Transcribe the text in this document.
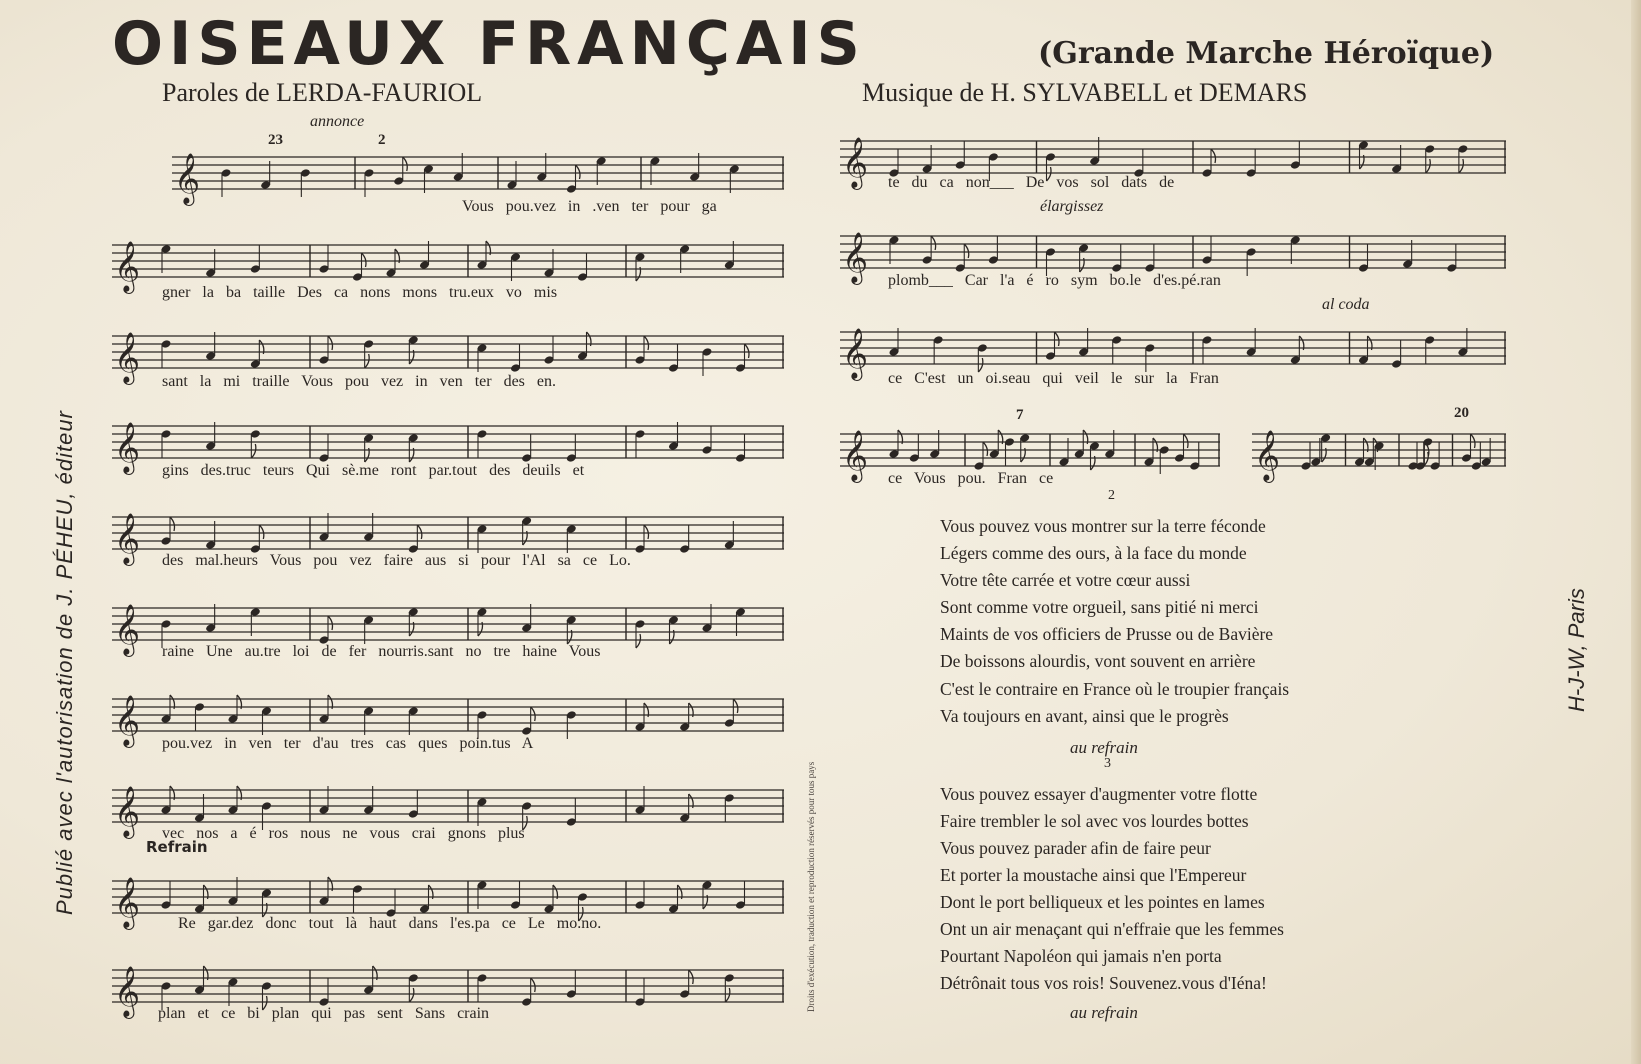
OISEAUX FRANÇAIS	(Grande Marche Héroïque)
Paroles de LERDA-FAURIOL	Musique de H. SYLVABELL et DEMARS
Publié avec l'autorisation de J. PÉHEU, éditeur	H-J-W, Paris
Droits d'exécution, traduction et reproduction réservés pour tous pays
𝄞
𝄞
𝄞
𝄞
𝄞
𝄞
𝄞
𝄞
𝄞
𝄞
𝄞
𝄞
𝄞
𝄞	𝄞
Vous pou.vez in .ven ter pour ga
gner la ba taille Des ca nons mons tru.eux vo mis
sant la mi traille Vous pou vez in ven ter des en.
gins des.truc teurs Qui sè.me ront par.tout des deuils et
des mal.heurs Vous pou vez faire aus si pour l'Al sa ce Lo.
raine Une au.tre loi de fer nourris.sant no tre haine Vous
pou.vez in ven ter d'au tres cas ques poin.tus A
vec nos a é ros nous ne vous crai gnons plus
Re gar.dez donc tout là haut dans l'es.pa ce Le mo.no.
plan et ce bi plan qui pas sent Sans crain
te du ca non___ De vos sol dats de
plomb___ Car l'a é ro sym bo.le d'es.pé.ran
ce C'est un oi.seau qui veil le sur la Fran
ce Vous pou. Fran ce
annonce
élargissez
al coda
Refrain
23
7	20
2
2
Vous pouvez vous montrer sur la terre féconde
Légers comme des ours, à la face du monde
Votre tête carrée et votre cœur aussi
Sont comme votre orgueil, sans pitié ni merci
Maints de vos officiers de Prusse ou de Bavière
De boissons alourdis, vont souvent en arrière
C'est le contraire en France où le troupier français
Va toujours en avant, ainsi que le progrès
au refrain
3
Vous pouvez essayer d'augmenter votre flotte
Faire trembler le sol avec vos lourdes bottes
Vous pouvez parader afin de faire peur
Et porter la moustache ainsi que l'Empereur
Dont le port belliqueux et les pointes en lames
Ont un air menaçant qui n'effraie que les femmes
Pourtant Napoléon qui jamais n'en porta
Détrônait tous vos rois! Souvenez.vous d'Iéna!
au refrain
